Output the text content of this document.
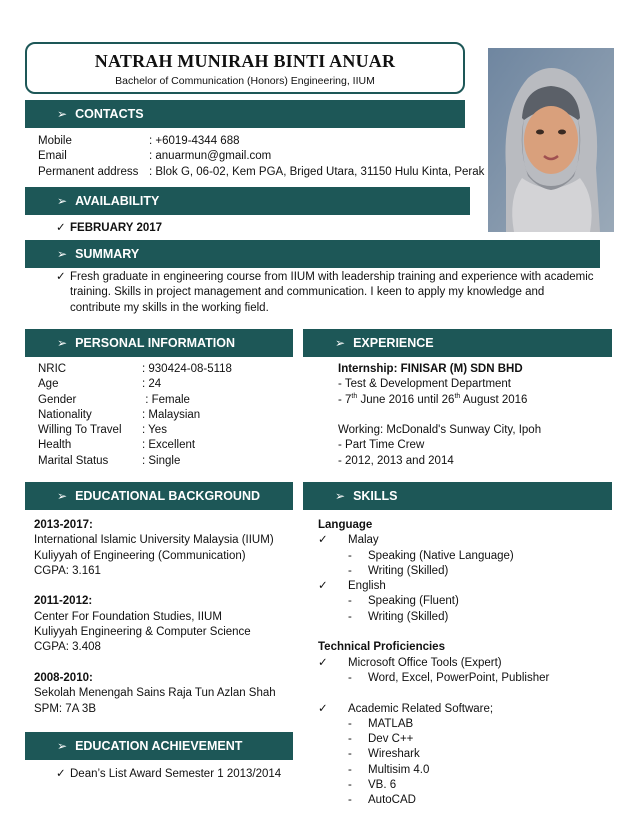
NATRAH MUNIRAH BINTI ANUAR
Bachelor of Communication (Honors) Engineering, IIUM
➢ CONTACTS
Mobile	: +6019-4344 688
Email	: anuarmun@gmail.com
Permanent address : Blok G, 06-02, Kem PGA, Briged Utara, 31150 Hulu Kinta, Perak
➢ AVAILABILITY
✓ FEBRUARY 2017
➢ SUMMARY
✓ Fresh graduate in engineering course from IIUM with leadership training and experience with academic
training. Skills in project management and communication. I keen to apply my knowledge and
contribute my skills in the working field.
➢ PERSONAL INFORMATION
NRIC	: 930424-08-5118
Age	: 24
Gender	: Female
Nationality	: Malaysian
Willing To Travel : Yes
Health	: Excellent
Marital Status	: Single
➢ EXPERIENCE
Internship: FINISAR (M) SDN BHD
- Test & Development Department
- 7th June 2016 until 26th August 2016

Working: McDonald's Sunway City, Ipoh
- Part Time Crew
- 2012, 2013 and 2014
➢ EDUCATIONAL BACKGROUND
2013-2017:
International Islamic University Malaysia (IIUM)
Kuliyyah of Engineering (Communication)
CGPA: 3.161

2011-2012:
Center For Foundation Studies, IIUM
Kuliyyah Engineering & Computer Science
CGPA: 3.408

2008-2010:
Sekolah Menengah Sains Raja Tun Azlan Shah
SPM: 7A 3B
➢ SKILLS
Language
✓ Malay
- Speaking (Native Language)
- Writing (Skilled)
✓ English
- Speaking (Fluent)
- Writing (Skilled)

Technical Proficiencies
✓ Microsoft Office Tools (Expert)
- Word, Excel, PowerPoint, Publisher

✓ Academic Related Software;
- MATLAB
- Dev C++
- Wireshark
- Multisim 4.0
- VB. 6
- AutoCAD
➢ EDUCATION ACHIEVEMENT
✓ Dean’s List Award Semester 1 2013/2014
